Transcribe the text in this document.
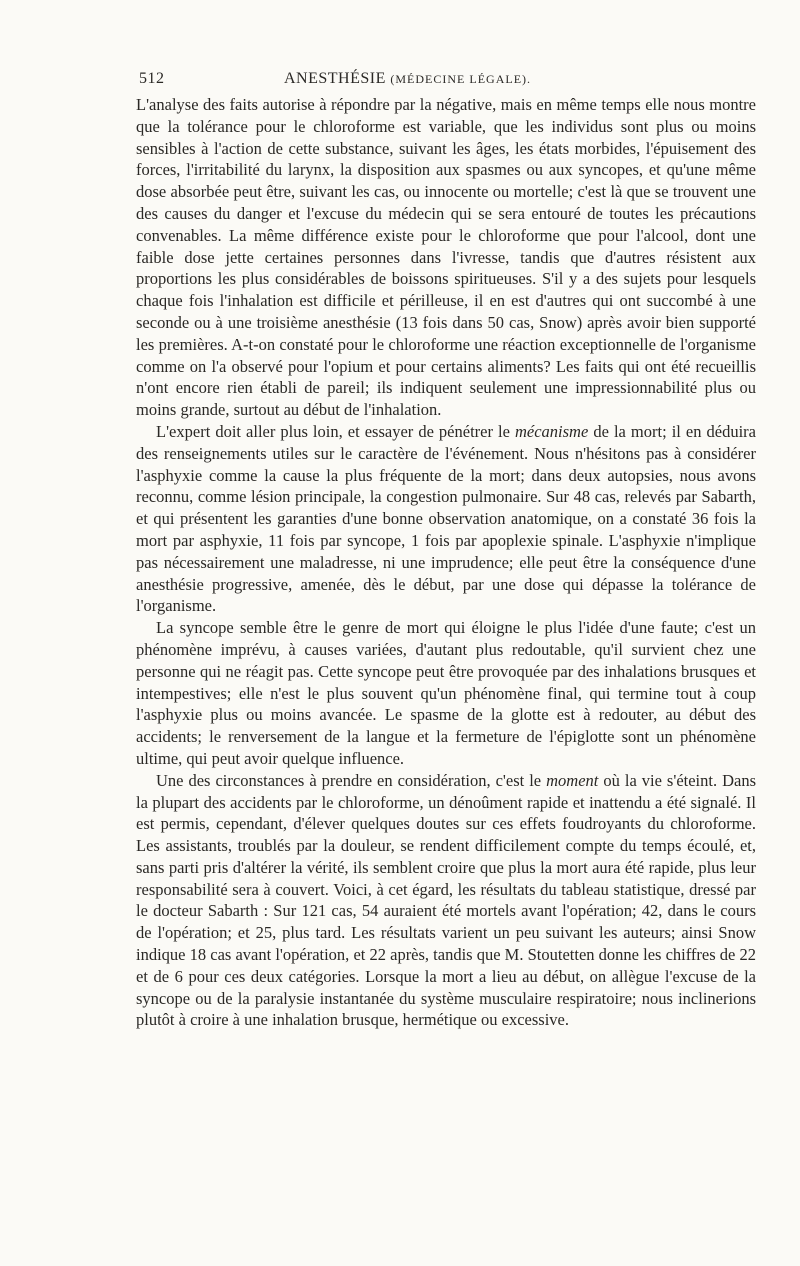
512	ANESTHÉSIE (MÉDECINE LÉGALE).

L'analyse des faits autorise à répondre par la négative, mais en même temps elle nous montre que la tolérance pour le chloroforme est variable, que les individus sont plus ou moins sensibles à l'action de cette substance, suivant les âges, les états morbides, l'épuisement des forces, l'irritabilité du larynx, la disposition aux spasmes ou aux syncopes, et qu'une même dose absorbée peut être, suivant les cas, ou innocente ou mortelle; c'est là que se trouvent une des causes du danger et l'excuse du médecin qui se sera entouré de toutes les précautions convenables. La même différence existe pour le chloroforme que pour l'alcool, dont une faible dose jette certaines personnes dans l'ivresse, tandis que d'autres résistent aux proportions les plus considérables de boissons spiritueuses. S'il y a des sujets pour lesquels chaque fois l'inhalation est difficile et périlleuse, il en est d'autres qui ont succombé à une seconde ou à une troisième anesthésie (13 fois dans 50 cas, Snow) après avoir bien supporté les premières. A-t-on constaté pour le chloroforme une réaction exceptionnelle de l'organisme comme on l'a observé pour l'opium et pour certains aliments? Les faits qui ont été recueillis n'ont encore rien établi de pareil; ils indiquent seulement une impressionnabilité plus ou moins grande, surtout au début de l'inhalation.

L'expert doit aller plus loin, et essayer de pénétrer le mécanisme de la mort; il en déduira des renseignements utiles sur le caractère de l'événement. Nous n'hésitons pas à considérer l'asphyxie comme la cause la plus fréquente de la mort; dans deux autopsies, nous avons reconnu, comme lésion principale, la congestion pulmonaire. Sur 48 cas, relevés par Sabarth, et qui présentent les garanties d'une bonne observation anatomique, on a constaté 36 fois la mort par asphyxie, 11 fois par syncope, 1 fois par apoplexie spinale. L'asphyxie n'implique pas nécessairement une maladresse, ni une imprudence; elle peut être la conséquence d'une anesthésie progressive, amenée, dès le début, par une dose qui dépasse la tolérance de l'organisme.

La syncope semble être le genre de mort qui éloigne le plus l'idée d'une faute; c'est un phénomène imprévu, à causes variées, d'autant plus redoutable, qu'il survient chez une personne qui ne réagit pas. Cette syncope peut être provoquée par des inhalations brusques et intempestives; elle n'est le plus souvent qu'un phénomène final, qui termine tout à coup l'asphyxie plus ou moins avancée. Le spasme de la glotte est à redouter, au début des accidents; le renversement de la langue et la fermeture de l'épiglotte sont un phénomène ultime, qui peut avoir quelque influence.

Une des circonstances à prendre en considération, c'est le moment où la vie s'éteint. Dans la plupart des accidents par le chloroforme, un dénoûment rapide et inattendu a été signalé. Il est permis, cependant, d'élever quelques doutes sur ces effets foudroyants du chloroforme. Les assistants, troublés par la douleur, se rendent difficilement compte du temps écoulé, et, sans parti pris d'altérer la vérité, ils semblent croire que plus la mort aura été rapide, plus leur responsabilité sera à couvert. Voici, à cet égard, les résultats du tableau statistique, dressé par le docteur Sabarth : Sur 121 cas, 54 auraient été mortels avant l'opération; 42, dans le cours de l'opération; et 25, plus tard. Les résultats varient un peu suivant les auteurs; ainsi Snow indique 18 cas avant l'opération, et 22 après, tandis que M. Stoutetten donne les chiffres de 22 et de 6 pour ces deux catégories. Lorsque la mort a lieu au début, on allègue l'excuse de la syncope ou de la paralysie instantanée du système musculaire respiratoire; nous inclinerions plutôt à croire à une inhalation brusque, hermétique ou excessive.
